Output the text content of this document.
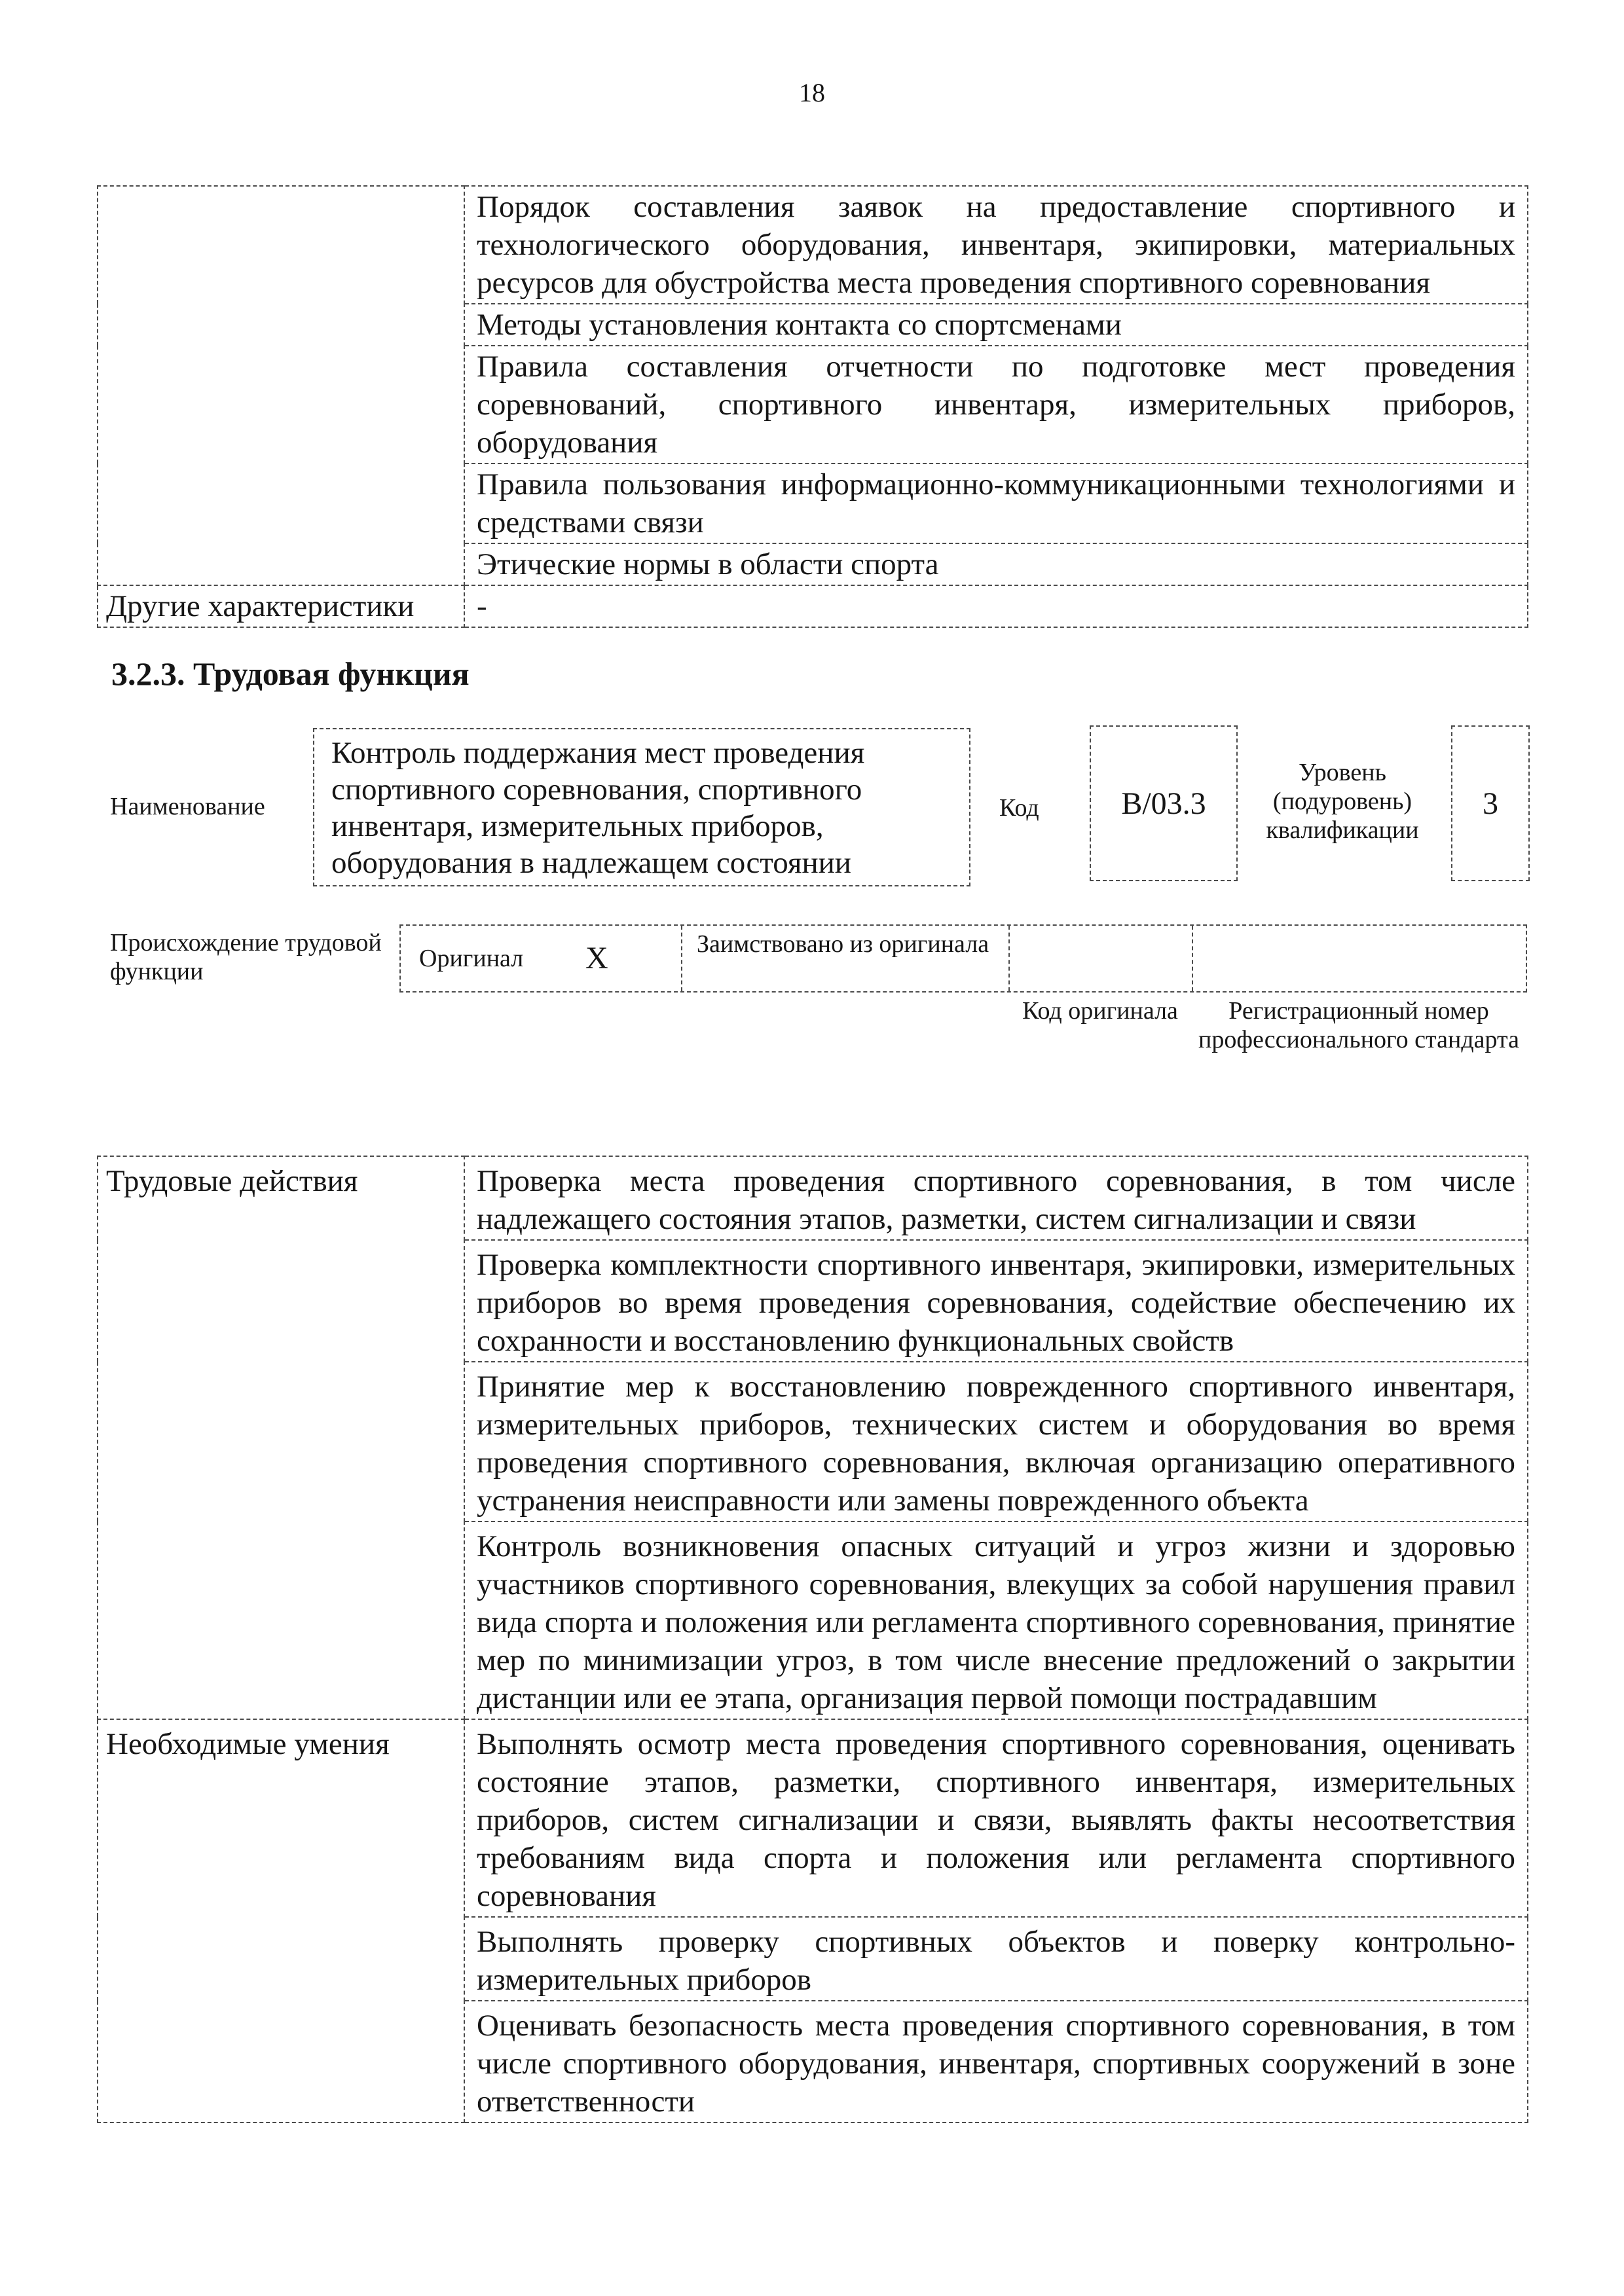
18
	Порядок составления заявок на предоставление спортивного и технологического оборудования, инвентаря, экипировки, материальных ресурсов для обустройства места проведения спортивного соревнования
	Методы установления контакта со спортсменами
	Правила составления отчетности по подготовке мест проведения соревнований, спортивного инвентаря, измерительных приборов, оборудования
	Правила пользования информационно-коммуникационными технологиями и средствами связи
	Этические нормы в области спорта
Другие характеристики	-
3.2.3. Трудовая функция
Наименование
Контроль поддержания мест проведения спортивного соревнования, спортивного инвентаря, измерительных приборов, оборудования в надлежащем состоянии
Код	B/03.3
Уровень (подуровень) квалификации
3
Происхождение трудовой функции	Оригинал X	Заимствовано из оригинала
Код оригинала	Регистрационный номер профессионального стандарта
Трудовые действия	Проверка места проведения спортивного соревнования, в том числе надлежащего состояния этапов, разметки, систем сигнализации и связи
	Проверка комплектности спортивного инвентаря, экипировки, измерительных приборов во время проведения соревнования, содействие обеспечению их сохранности и восстановлению функциональных свойств
	Принятие мер к восстановлению поврежденного спортивного инвентаря, измерительных приборов, технических систем и оборудования во время проведения спортивного соревнования, включая организацию оперативного устранения неисправности или замены поврежденного объекта
	Контроль возникновения опасных ситуаций и угроз жизни и здоровью участников спортивного соревнования, влекущих за собой нарушения правил вида спорта и положения или регламента спортивного соревнования, принятие мер по минимизации угроз, в том числе внесение предложений о закрытии дистанции или ее этапа, организация первой помощи пострадавшим
Необходимые умения	Выполнять осмотр места проведения спортивного соревнования, оценивать состояние этапов, разметки, спортивного инвентаря, измерительных приборов, систем сигнализации и связи, выявлять факты несоответствия требованиям вида спорта и положения или регламента спортивного соревнования
	Выполнять проверку спортивных объектов и поверку контрольно-измерительных приборов
	Оценивать безопасность места проведения спортивного соревнования, в том числе спортивного оборудования, инвентаря, спортивных сооружений в зоне ответственности
